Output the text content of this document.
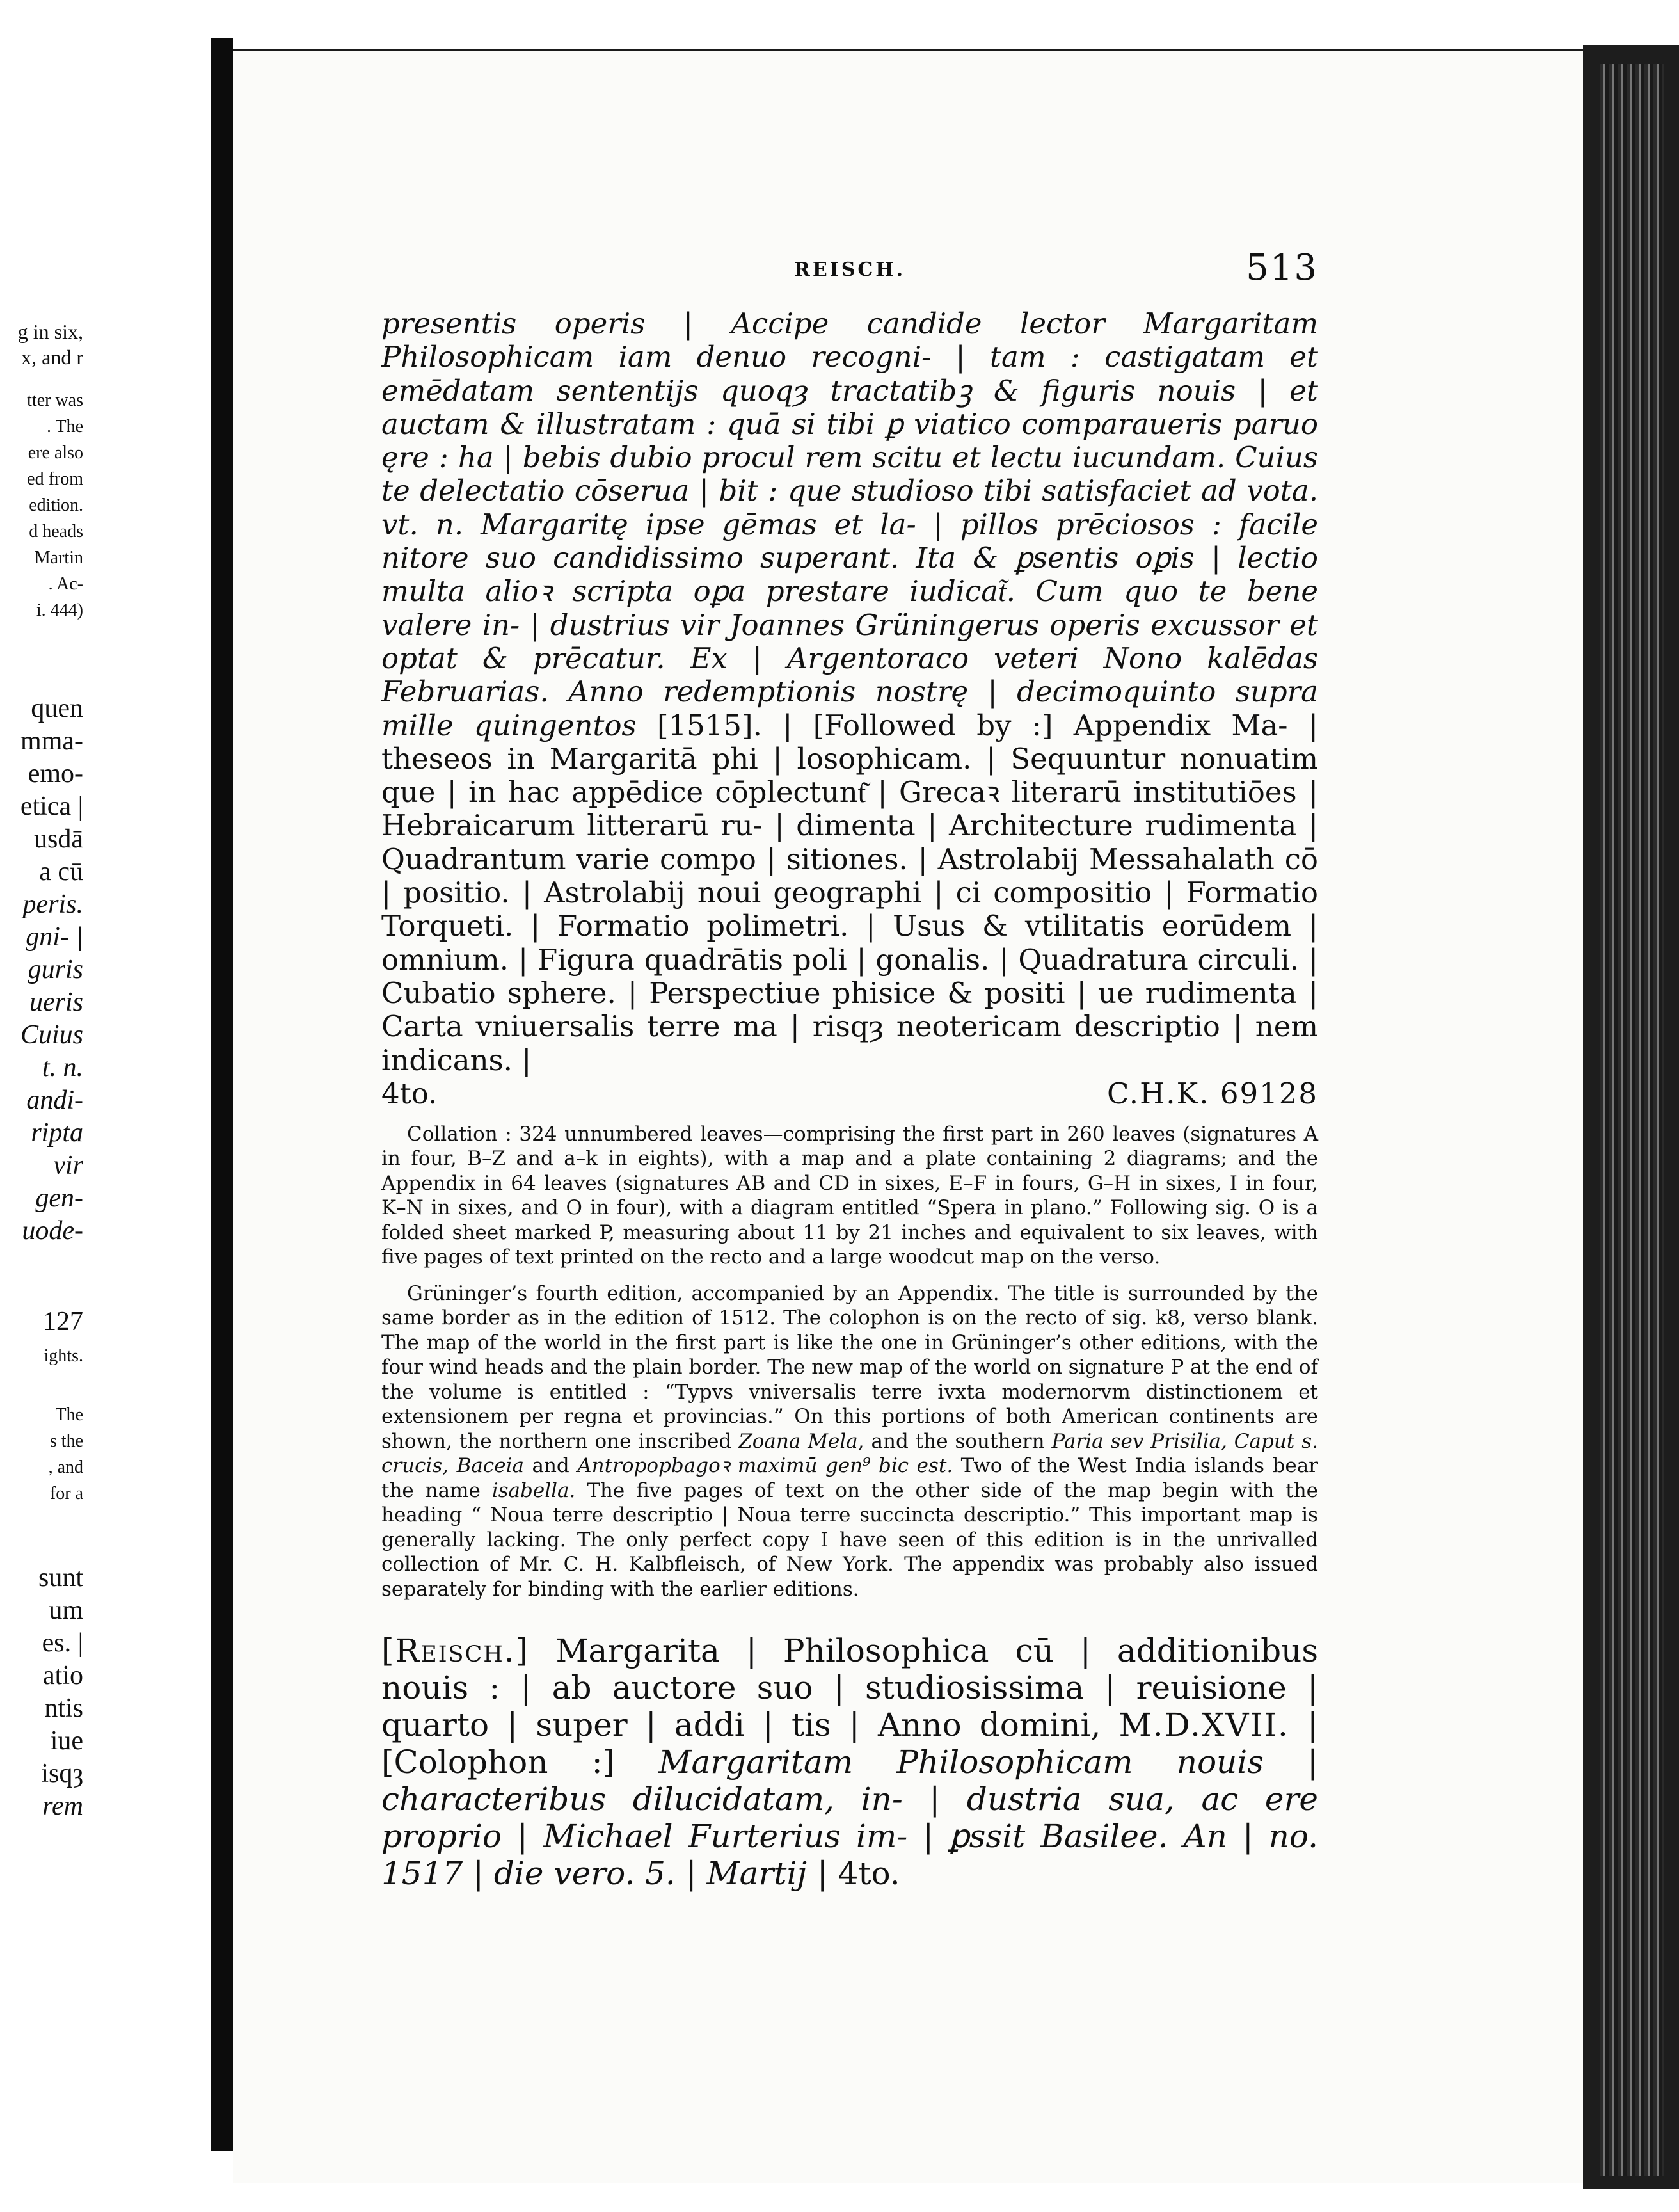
g in six,
x, and r
tter was
. The
ere also
ed from
edition.
d heads
Martin
. Ac-
i. 444)
quen
mma-
emo-
etica |
usdā
a cū
peris.
gni- |
guris
ueris
Cuius
t. n.
andi-
ripta
vir
gen-
uode-
127
ights.
The
s the
, and
for a
sunt
um
es. |
atio
ntis
iue
isqȝ
rem
REISCH.	513

presentis operis | Accipe candide lector Margaritam Philosophicam iam denuo recogni- | tam : castigatam et emēdatam sententijs quoqȝ tractatibꝫ & figuris nouis | et auctam & illustratam : quā si tibi ꝑ viatico comparaueris paruo ęre : ha | bebis dubio procul rem scitu et lectu iucundam. Cuius te delectatio cōserua | bit : que studioso tibi satisfaciet ad vota. vt. n. Margaritę ipse gēmas et la- | pillos prēciosos : facile nitore suo candidissimo superant. Ita & ꝑsentis oꝑis | lectio multa alioꝛ scripta oꝑa prestare iudicat͂. Cum quo te bene valere in- | dustrius vir Joannes Grüningerus operis excussor et optat & prēcatur. Ex | Argentoraco veteri Nono kalēdas Februarias. Anno redemptionis nostrę | decimoquinto supra mille quingentos [1515]. | [Followed by :] Appendix Ma- | theseos in Margaritā phi | losophicam. | Sequuntur nonuatim que | in hac appēdice cōplectunt͂ | Grecaꝛ literarū institutiōes | Hebraicarum litterarū ru- | dimenta | Architecture rudimenta | Quadrantum varie compo | sitiones. | Astrolabij Messahalath cō | positio. | Astrolabij noui geographi | ci compositio | Formatio Torqueti. | Formatio polimetri. | Usus & vtilitatis eorūdem | omnium. | Figura quadrātis poli | gonalis. | Quadratura circuli. | Cubatio sphere. | Perspectiue phisice & positi | ue rudimenta | Carta vniuersalis terre ma | risqȝ neotericam descriptio | nem indicans. |

4to.	C.H.K. 69128

Collation : 324 unnumbered leaves—comprising the first part in 260 leaves (signatures A in four, B–Z and a–k in eights), with a map and a plate containing 2 diagrams; and the Appendix in 64 leaves (signatures AB and CD in sixes, E–F in fours, G–H in sixes, I in four, K–N in sixes, and O in four), with a diagram entitled “Spera in plano.” Following sig. O is a folded sheet marked P, measuring about 11 by 21 inches and equivalent to six leaves, with five pages of text printed on the recto and a large woodcut map on the verso.

Grüninger’s fourth edition, accompanied by an Appendix. The title is surrounded by the same border as in the edition of 1512. The colophon is on the recto of sig. k8, verso blank. The map of the world in the first part is like the one in Grüninger’s other editions, with the four wind heads and the plain border. The new map of the world on signature P at the end of the volume is entitled : “Typvs vniversalis terre ivxta modernorvm distinctionem et extensionem per regna et provincias.” On this portions of both American continents are shown, the northern one inscribed Zoana Mela, and the southern Paria sev Prisilia, Caput s. crucis, Baceia and Antropopbagoꝛ maximū gen⁹ bic est. Two of the West India islands bear the name isabella. The five pages of text on the other side of the map begin with the heading “ Noua terre descriptio | Noua terre succincta descriptio.” This important map is generally lacking. The only perfect copy I have seen of this edition is in the unrivalled collection of Mr. C. H. Kalbfleisch, of New York. The appendix was probably also issued separately for binding with the earlier editions.

[Reisch.] Margarita | Philosophica cū | additionibus nouis : | ab auctore suo | studiosissima | reuisione | quarto | super | addi | tis | Anno domini, M.D.XVII. | [Colophon :] Margaritam Philosophicam nouis | characteribus dilucidatam, in- | dustria sua, ac ere proprio | Michael Furterius im- | ꝑssit Basilee. An | no. 1517 | die vero. 5. | Martij | 4to.
